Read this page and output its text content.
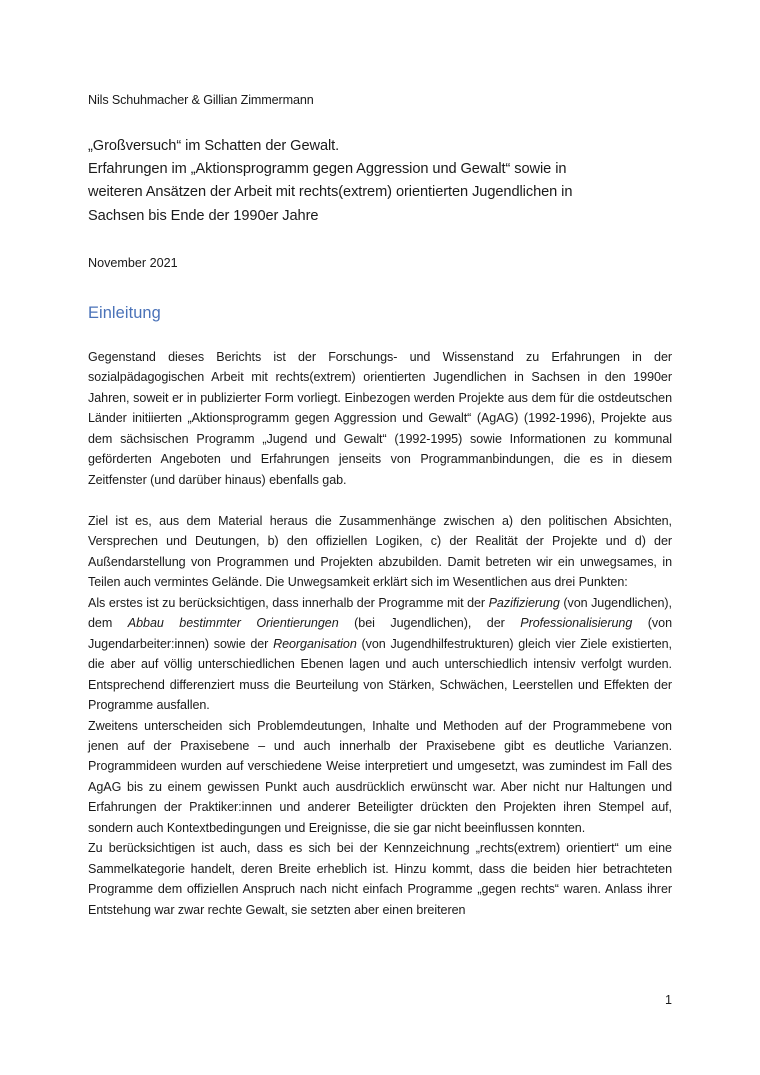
Nils Schuhmacher & Gillian Zimmermann
„Großversuch“ im Schatten der Gewalt.
Erfahrungen im „Aktionsprogramm gegen Aggression und Gewalt“ sowie in
weiteren Ansätzen der Arbeit mit rechts(extrem) orientierten Jugendlichen in
Sachsen bis Ende der 1990er Jahre
November 2021
Einleitung

Gegenstand dieses Berichts ist der Forschungs- und Wissenstand zu Erfahrungen in der sozialpädagogischen Arbeit mit rechts(extrem) orientierten Jugendlichen in Sachsen in den 1990er Jahren, soweit er in publizierter Form vorliegt. Einbezogen werden Projekte aus dem für die ostdeutschen Länder initiierten „Aktionsprogramm gegen Aggression und Gewalt“ (AgAG) (1992-1996), Projekte aus dem sächsischen Programm „Jugend und Gewalt“ (1992-1995) sowie Informationen zu kommunal geförderten Angeboten und Erfahrungen jenseits von Programmanbindungen, die es in diesem Zeitfenster (und darüber hinaus) ebenfalls gab.

Ziel ist es, aus dem Material heraus die Zusammenhänge zwischen a) den politischen Absichten, Versprechen und Deutungen, b) den offiziellen Logiken, c) der Realität der Projekte und d) der Außendarstellung von Programmen und Projekten abzubilden. Damit betreten wir ein unwegsames, in Teilen auch vermintes Gelände. Die Unwegsamkeit erklärt sich im Wesentlichen aus drei Punkten:

Als erstes ist zu berücksichtigen, dass innerhalb der Programme mit der Pazifizierung (von Jugendlichen), dem Abbau bestimmter Orientierungen (bei Jugendlichen), der Professionalisierung (von Jugendarbeiter:innen) sowie der Reorganisation (von Jugendhilfestrukturen) gleich vier Ziele existierten, die aber auf völlig unterschiedlichen Ebenen lagen und auch unterschiedlich intensiv verfolgt wurden. Entsprechend differenziert muss die Beurteilung von Stärken, Schwächen, Leerstellen und Effekten der Programme ausfallen.

Zweitens unterscheiden sich Problemdeutungen, Inhalte und Methoden auf der Programmebene von jenen auf der Praxisebene – und auch innerhalb der Praxisebene gibt es deutliche Varianzen. Programmideen wurden auf verschiedene Weise interpretiert und umgesetzt, was zumindest im Fall des AgAG bis zu einem gewissen Punkt auch ausdrücklich erwünscht war. Aber nicht nur Haltungen und Erfahrungen der Praktiker:innen und anderer Beteiligter drückten den Projekten ihren Stempel auf, sondern auch Kontextbedingungen und Ereignisse, die sie gar nicht beeinflussen konnten.

Zu berücksichtigen ist auch, dass es sich bei der Kennzeichnung „rechts(extrem) orientiert“ um eine Sammelkategorie handelt, deren Breite erheblich ist. Hinzu kommt, dass die beiden hier betrachteten Programme dem offiziellen Anspruch nach nicht einfach Programme „gegen rechts“ waren. Anlass ihrer Entstehung war zwar rechte Gewalt, sie setzten aber einen breiteren

1
